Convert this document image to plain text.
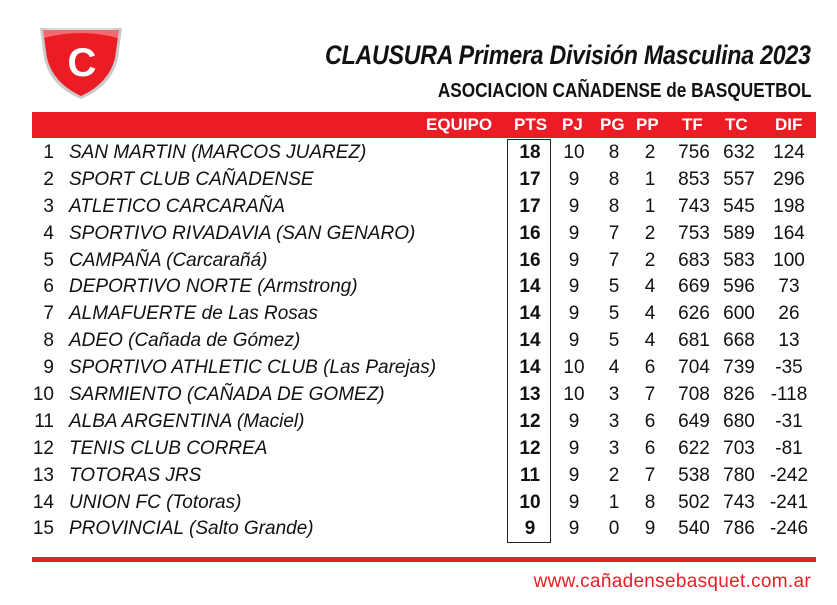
C	CLAUSURA Primera División Masculina 2023
ASOCIACION CAÑADENSE de BASQUETBOL
EQUIPO PTS PJ PG PP TF TC DIF
1 SAN MARTIN (MARCOS JUAREZ)	18	10	8	2	756 632 124
2 SPORT CLUB CAÑADENSE	17	9	8	1	853 557 296
3 ATLETICO CARCARAÑA	17	9	8	1	743 545 198
4 SPORTIVO RIVADAVIA (SAN GENARO)	16	9	7	2	753 589 164
5 CAMPAÑA (Carcarañá)	16	9	7	2	683 583 100
6 DEPORTIVO NORTE (Armstrong)	14	9	5	4	669 596	73
7 ALMAFUERTE de Las Rosas	14	9	5	4	626 600	26
8 ADEO (Cañada de Gómez)	14	9	5	4	681 668	13
9 SPORTIVO ATHLETIC CLUB (Las Parejas)	14	10	4	6	704 739	-35
10 SARMIENTO (CAÑADA DE GOMEZ)	13	10	3	7	708 826 -118
11 ALBA ARGENTINA (Maciel)	12	9	3	6	649 680	-31
12 TENIS CLUB CORREA	12	9	3	6	622 703	-81
13 TOTORAS JRS	11	9	2	7	538 780 -242
14 UNION FC (Totoras)	10	9	1	8	502 743 -241
15 PROVINCIAL (Salto Grande)	9	9	0	9	540 786 -246
www.cañadensebasquet.com.ar
